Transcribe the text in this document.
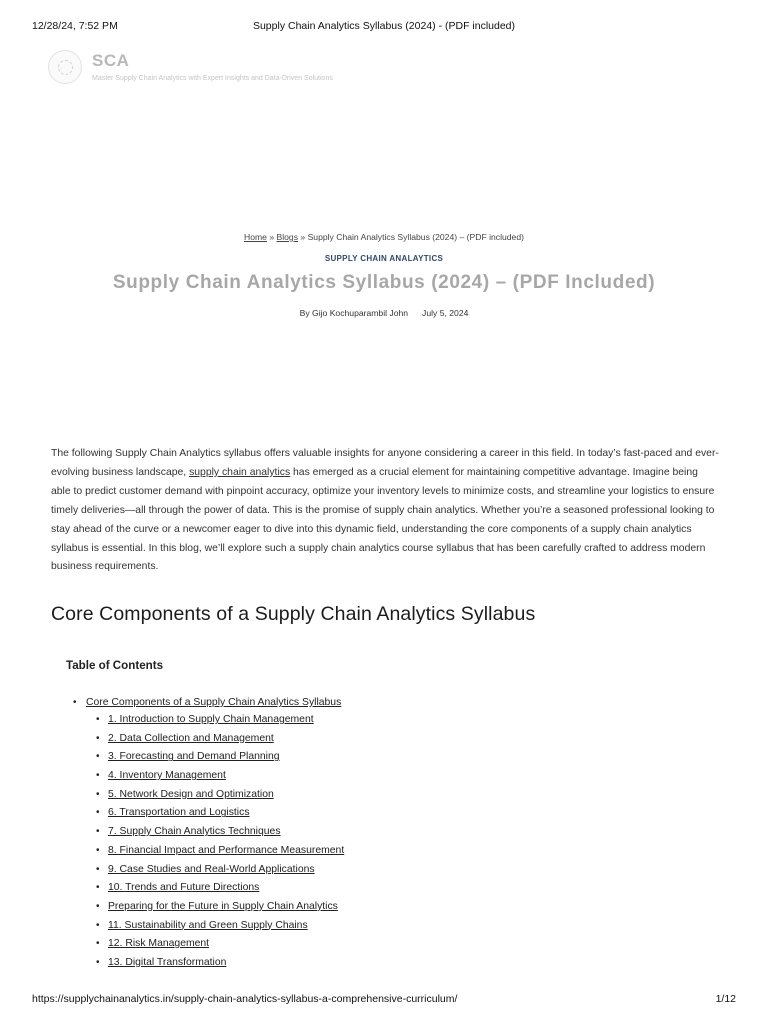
12/28/24, 7:52 PM	Supply Chain Analytics Syllabus (2024) - (PDF included)
SCA
Master Supply Chain Analytics with Expert Insights and Data-Driven Solutions
Home » Blogs » Supply Chain Analytics Syllabus (2024) – (PDF included)
SUPPLY CHAIN ANALAYTICS
Supply Chain Analytics Syllabus (2024) – (PDF Included)
By Gijo Kochuparambil John July 5, 2024

The following Supply Chain Analytics syllabus offers valuable insights for anyone considering a career in this field. In today’s fast-paced and ever-evolving business landscape, supply chain analytics has emerged as a crucial element for maintaining competitive advantage. Imagine being able to predict customer demand with pinpoint accuracy, optimize your inventory levels to minimize costs, and streamline your logistics to ensure timely deliveries—all through the power of data. This is the promise of supply chain analytics. Whether you’re a seasoned professional looking to stay ahead of the curve or a newcomer eager to dive into this dynamic field, understanding the core components of a supply chain analytics syllabus is essential. In this blog, we’ll explore such a supply chain analytics course syllabus that has been carefully crafted to address modern business requirements.

Core Components of a Supply Chain Analytics Syllabus
Table of Contents
• Core Components of a Supply Chain Analytics Syllabus
• 1. Introduction to Supply Chain Management
• 2. Data Collection and Management
• 3. Forecasting and Demand Planning
• 4. Inventory Management
• 5. Network Design and Optimization
• 6. Transportation and Logistics
• 7. Supply Chain Analytics Techniques
• 8. Financial Impact and Performance Measurement
• 9. Case Studies and Real-World Applications
• 10. Trends and Future Directions
• Preparing for the Future in Supply Chain Analytics
• 11. Sustainability and Green Supply Chains
• 12. Risk Management
• 13. Digital Transformation
https://supplychainanalytics.in/supply-chain-analytics-syllabus-a-comprehensive-curriculum/	1/12
